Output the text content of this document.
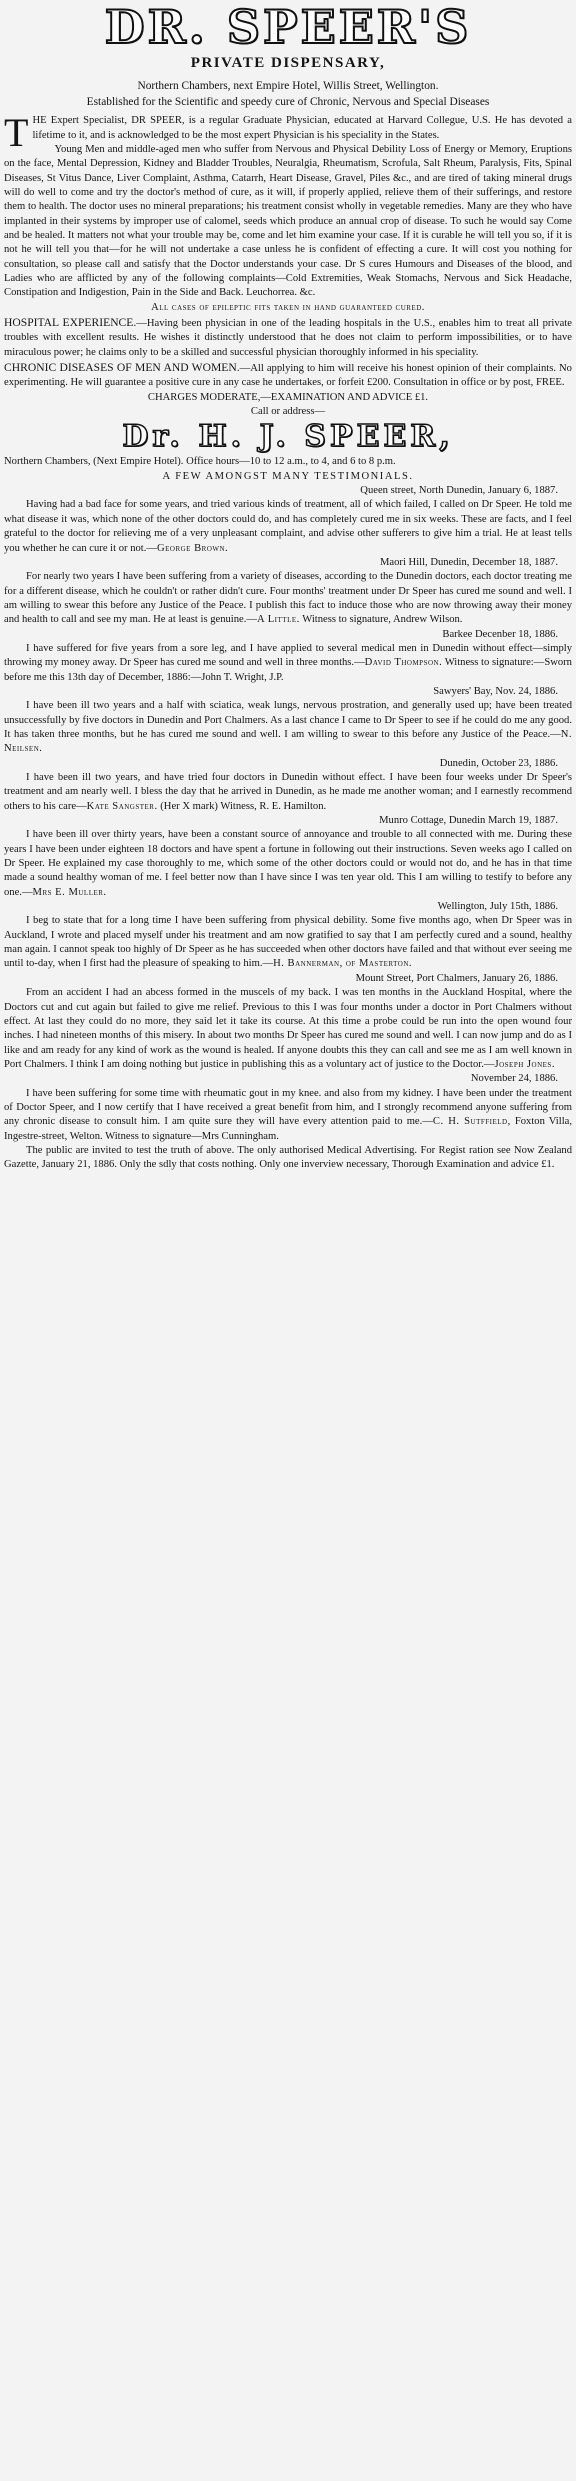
DR. SPEER'S
PRIVATE DISPENSARY,

Northern Chambers, next Empire Hotel, Willis Street, Wellington.

Established for the Scientific and speedy cure of Chronic, Nervous and Special Diseases

THE Expert Specialist, DR SPEER, is a regular Graduate Physician, educated at Harvard Collegue, U.S. He has devoted a lifetime to it, and is acknowledged to be the most expert Physician is his speciality in the States.

Young Men and middle-aged men who suffer from Nervous and Physical Debility Loss of Energy or Memory, Eruptions on the face, Mental Depression, Kidney and Bladder Troubles, Neuralgia, Rheumatism, Scrofula, Salt Rheum, Paralysis, Fits, Spinal Diseases, St Vitus Dance, Liver Complaint, Asthma, Catarrh, Heart Disease, Gravel, Piles &c., and are tired of taking mineral drugs will do well to come and try the doctor's method of cure, as it will, if properly applied, relieve them of their sufferings, and restore them to health. The doctor uses no mineral preparations; his treatment consist wholly in vegetable remedies. Many are they who have implanted in their systems by improper use of calomel, seeds which produce an annual crop of disease. To such he would say Come and be healed. It matters not what your trouble may be, come and let him examine your case. If it is curable he will tell you so, if it is not he will tell you that—for he will not undertake a case unless he is confident of effecting a cure. It will cost you nothing for consultation, so please call and satisfy that the Doctor understands your case. Dr S cures Humours and Diseases of the blood, and Ladies who are afflicted by any of the following complaints—Cold Extremities, Weak Stomachs, Nervous and Sick Headache, Constipation and Indigestion, Pain in the Side and Back. Leuchorrea. &c.

All cases of epileptic fits taken in hand guaranteed cured.

HOSPITAL EXPERIENCE.—Having been physician in one of the leading hospitals in the U.S., enables him to treat all private troubles with excellent results. He wishes it distinctly understood that he does not claim to perform impossibilities, or to have miraculous power; he claims only to be a skilled and successful physician thoroughly informed in his speciality.

CHRONIC DISEASES OF MEN AND WOMEN.—All applying to him will receive his honest opinion of their complaints. No experimenting. He will guarantee a positive cure in any case he undertakes, or forfeit £200. Consultation in office or by post, FREE.

CHARGES MODERATE,—EXAMINATION AND ADVICE £1.

Call or address—

Dr. H. J. SPEER,

Northern Chambers, (Next Empire Hotel). Office hours—10 to 12 a.m., to 4, and 6 to 8 p.m.

A FEW AMONGST MANY TESTIMONIALS.

Queen street, North Dunedin, January 6, 1887.

Having had a bad face for some years, and tried various kinds of treatment, all of which failed, I called on Dr Speer. He told me what disease it was, which none of the other doctors could do, and has completely cured me in six weeks. These are facts, and I feel grateful to the doctor for relieving me of a very unpleasant complaint, and advise other sufferers to give him a trial. He at least tells you whether he can cure it or not.—George Brown.

Maori Hill, Dunedin, December 18, 1887.

For nearly two years I have been suffering from a variety of diseases, according to the Dunedin doctors, each doctor treating me for a different disease, which he couldn't or rather didn't cure. Four months' treatment under Dr Speer has cured me sound and well. I am willing to swear this before any Justice of the Peace. I publish this fact to induce those who are now throwing away their money and health to call and see my man. He at least is genuine.—A Little. Witness to signature, Andrew Wilson.

Barkee Decenber 18, 1886.

I have suffered for five years from a sore leg, and I have applied to several medical men in Dunedin without effect—simply throwing my money away. Dr Speer has cured me sound and well in three months.—David Thompson. Witness to signature:—Sworn before me this 13th day of December, 1886:—John T. Wright, J.P.

Sawyers' Bay, Nov. 24, 1886.

I have been ill two years and a half with sciatica, weak lungs, nervous prostration, and generally used up; have been treated unsuccessfully by five doctors in Dunedin and Port Chalmers. As a last chance I came to Dr Speer to see if he could do me any good. It has taken three months, but he has cured me sound and well. I am willing to swear to this before any Justice of the Peace.—N. Neilsen.

Dunedin, October 23, 1886.

I have been ill two years, and have tried four doctors in Dunedin without effect. I have been four weeks under Dr Speer's treatment and am nearly well. I bless the day that he arrived in Dunedin, as he made me another woman; and I earnestly recommend others to his care—Kate Sangster. (Her X mark) Witness, R. E. Hamilton.

Munro Cottage, Dunedin March 19, 1887.

I have been ill over thirty years, have been a constant source of annoyance and trouble to all connected with me. During these years I have been under eighteen 18 doctors and have spent a fortune in following out their instructions. Seven weeks ago I called on Dr Speer. He explained my case thoroughly to me, which some of the other doctors could or would not do, and he has in that time made a sound healthy woman of me. I feel better now than I have since I was ten year old. This I am willing to testify to before any one.—Mrs E. Muller.

Wellington, July 15th, 1886.

I beg to state that for a long time I have been suffering from physical debility. Some five months ago, when Dr Speer was in Auckland, I wrote and placed myself under his treatment and am now gratified to say that I am perfectly cured and a sound, healthy man again. I cannot speak too highly of Dr Speer as he has succeeded when other doctors have failed and that without ever seeing me until to-day, when I first had the pleasure of speaking to him.—H. Bannerman, of Masterton.

Mount Street, Port Chalmers, January 26, 1886.

From an accident I had an abcess formed in the muscels of my back. I was ten months in the Auckland Hospital, where the Doctors cut and cut again but failed to give me relief. Previous to this I was four months under a doctor in Port Chalmers without effect. At last they could do no more, they said let it take its course. At this time a probe could be run into the open wound four inches. I had nineteen months of this misery. In about two months Dr Speer has cured me sound and well. I can now jump and do as I like and am ready for any kind of work as the wound is healed. If anyone doubts this they can call and see me as I am well known in Port Chalmers. I think I am doing nothing but justice in publishing this as a voluntary act of justice to the Doctor.—Joseph Jones.

November 24, 1886.

I have been suffering for some time with rheumatic gout in my knee. and also from my kidney. I have been under the treatment of Doctor Speer, and I now certify that I have received a great benefit from him, and I strongly recommend anyone suffering from any chronic disease to consult him. I am quite sure they will have every attention paid to me.—C. H. Sutffield, Foxton Villa, Ingestre-street, Welton. Witness to signature—Mrs Cunningham.

The public are invited to test the truth of above. The only authorised Medical Advertising. For Regist ration see Now Zealand Gazette, January 21, 1886. Only the sdly that costs nothing. Only one inverview necessary, Thorough Examination and advice £1.
